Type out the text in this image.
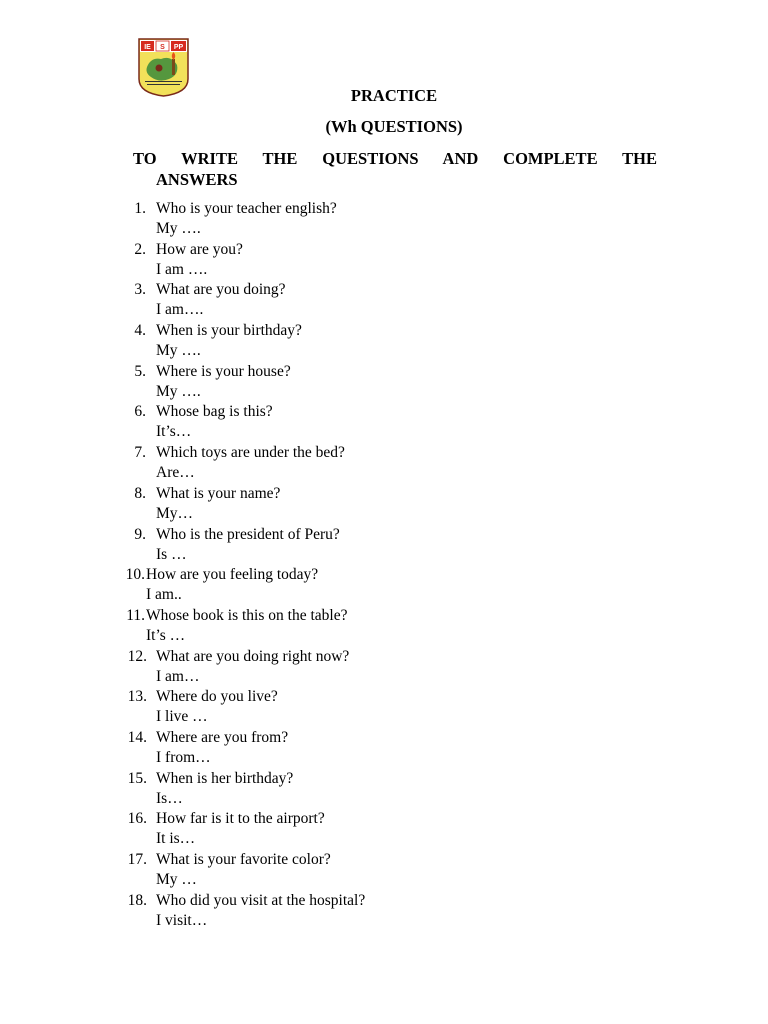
IE S PP
PRACTICE
(Wh QUESTIONS)
TO WRITE THE QUESTIONS AND COMPLETE THE
ANSWERS
1. Who is your teacher english?
My ….
2. How are you?
I am ….
3. What are you doing?
I am….
4. When is your birthday?
My ….
5. Where is your house?
My ….
6. Whose bag is this?
It’s…
7. Which toys are under the bed?
Are…
8. What is your name?
My…
9. Who is the president of Peru?
Is …
10. How are you feeling today?
I am..
11. Whose book is this on the table?
It’s …
12. What are you doing right now?
I am…
13. Where do you live?
I live …
14. Where are you from?
I from…
15. When is her birthday?
Is…
16. How far is it to the airport?
It is…
17. What is your favorite color?
My …
18. Who did you visit at the hospital?
I visit…
